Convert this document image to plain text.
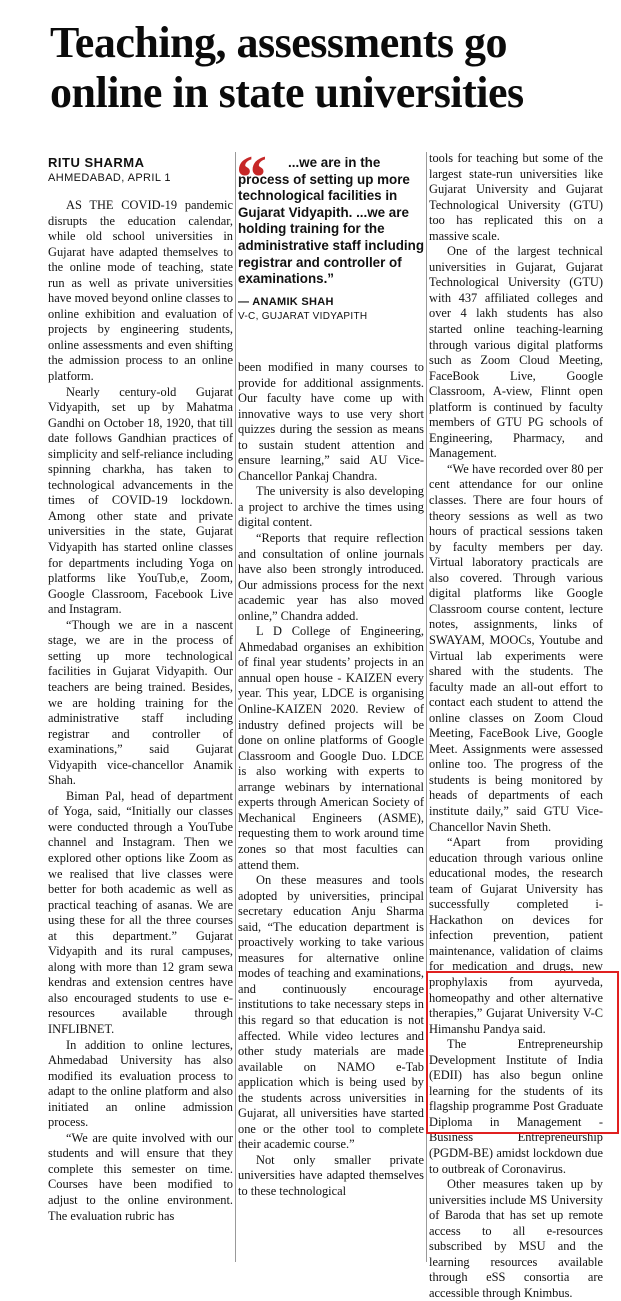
Teaching, assessments go online in state universities
RITU SHARMA
AHMEDABAD, APRIL 1	“	...we are in the process of setting up more technological facilities in Gujarat Vidyapith. ...we are holding training for the administrative staff including registrar and controller of examinations.”
— ANAMIK SHAH
V-C, GUJARAT VIDYAPITH

AS THE COVID-19 pandemic disrupts the education calendar, while old school universities in Gujarat have adapted themselves to the online mode of teaching, state run as well as private universities have moved beyond online classes to online exhibition and evaluation of projects by engineering students, online assessments and even shifting the admission process to an online platform.

Nearly century-old Gujarat Vidyapith, set up by Mahatma Gandhi on October 18, 1920, that till date follows Gandhian practices of simplicity and self-reliance including spinning charkha, has taken to technological advancements in the times of COVID-19 lockdown. Among other state and private universities in the state, Gujarat Vidyapith has started online classes for departments including Yoga on platforms like YouTub,e, Zoom, Google Classroom, Facebook Live and Instagram.

“Though we are in a nascent stage, we are in the process of setting up more technological facilities in Gujarat Vidyapith. Our teachers are being trained. Besides, we are holding training for the administrative staff including registrar and controller of examinations,” said Gujarat Vidyapith vice-chancellor Anamik Shah.

Biman Pal, head of department of Yoga, said, “Initially our classes were conducted through a YouTube channel and Instagram. Then we explored other options like Zoom as we realised that live classes were better for both academic as well as practical teaching of asanas. We are using these for all the three courses at this department.” Gujarat Vidyapith and its rural campuses, along with more than 12 gram sewa kendras and extension centres have also encouraged students to use e-resources available through INFLIBNET.

In addition to online lectures, Ahmedabad University has also modified its evaluation process to adapt to the online platform and also initiated an online admission process.

“We are quite involved with our students and will ensure that they complete this semester on time. Courses have been modified to adjust to the online environment. The evaluation rubric has

been modified in many courses to provide for additional assignments. Our faculty have come up with innovative ways to use very short quizzes during the session as means to sustain student attention and ensure learning,” said AU Vice-Chancellor Pankaj Chandra.

The university is also developing a project to archive the times using digital content.

“Reports that require reflection and consultation of online journals have also been strongly introduced. Our admissions process for the next academic year has also moved online,” Chandra added.

L D College of Engineering, Ahmedabad organises an exhibition of final year students’ projects in an annual open house - KAIZEN every year. This year, LDCE is organising Online-KAIZEN 2020. Review of industry defined projects will be done on online platforms of Google Classroom and Google Duo. LDCE is also working with experts to arrange webinars by international experts through American Society of Mechanical Engineers (ASME), requesting them to work around time zones so that most faculties can attend them.

On these measures and tools adopted by universities, principal secretary education Anju Sharma said, “The education department is proactively working to take various measures for alternative online modes of teaching and examinations, and continuously encourage institutions to take necessary steps in this regard so that education is not affected. While video lectures and other study materials are made available on NAMO e-Tab application which is being used by the students across universities in Gujarat, all universities have started one or the other tool to complete their academic course.”

Not only smaller private universities have adapted themselves to these technological

tools for teaching but some of the largest state-run universities like Gujarat University and Gujarat Technological University (GTU) too has replicated this on a massive scale.

One of the largest technical universities in Gujarat, Gujarat Technological University (GTU) with 437 affiliated colleges and over 4 lakh students has also started online teaching-learning through various digital platforms such as Zoom Cloud Meeting, FaceBook Live, Google Classroom, A-view, Flinnt open platform is continued by faculty members of GTU PG schools of Engineering, Pharmacy, and Management.

“We have recorded over 80 per cent attendance for our online classes. There are four hours of theory sessions as well as two hours of practical sessions taken by faculty members per day. Virtual laboratory practicals are also covered. Through various digital platforms like Google Classroom course content, lecture notes, assignments, links of SWAYAM, MOOCs, Youtube and Virtual lab experiments were shared with the students. The faculty made an all-out effort to contact each student to attend the online classes on Zoom Cloud Meeting, FaceBook Live, Google Meet. Assignments were assessed online too. The progress of the students is being monitored by heads of departments of each institute daily,” said GTU Vice-Chancellor Navin Sheth.

“Apart from providing education through various online educational modes, the research team of Gujarat University has successfully completed i-Hackathon on devices for infection prevention, patient maintenance, validation of claims for medication and drugs, new prophylaxis from ayurveda, homeopathy and other alternative therapies,” Gujarat University V-C Himanshu Pandya said.

The Entrepreneurship Development Institute of India (EDII) has also begun online learning for the students of its flagship programme Post Graduate Diploma in Management - Business Entrepreneurship (PGDM-BE) amidst lockdown due to outbreak of Coronavirus.

Other measures taken up by universities include MS University of Baroda that has set up remote access to all e-resources subscribed by MSU and the learning resources available through eSS consortia are accessible through Knimbus.
